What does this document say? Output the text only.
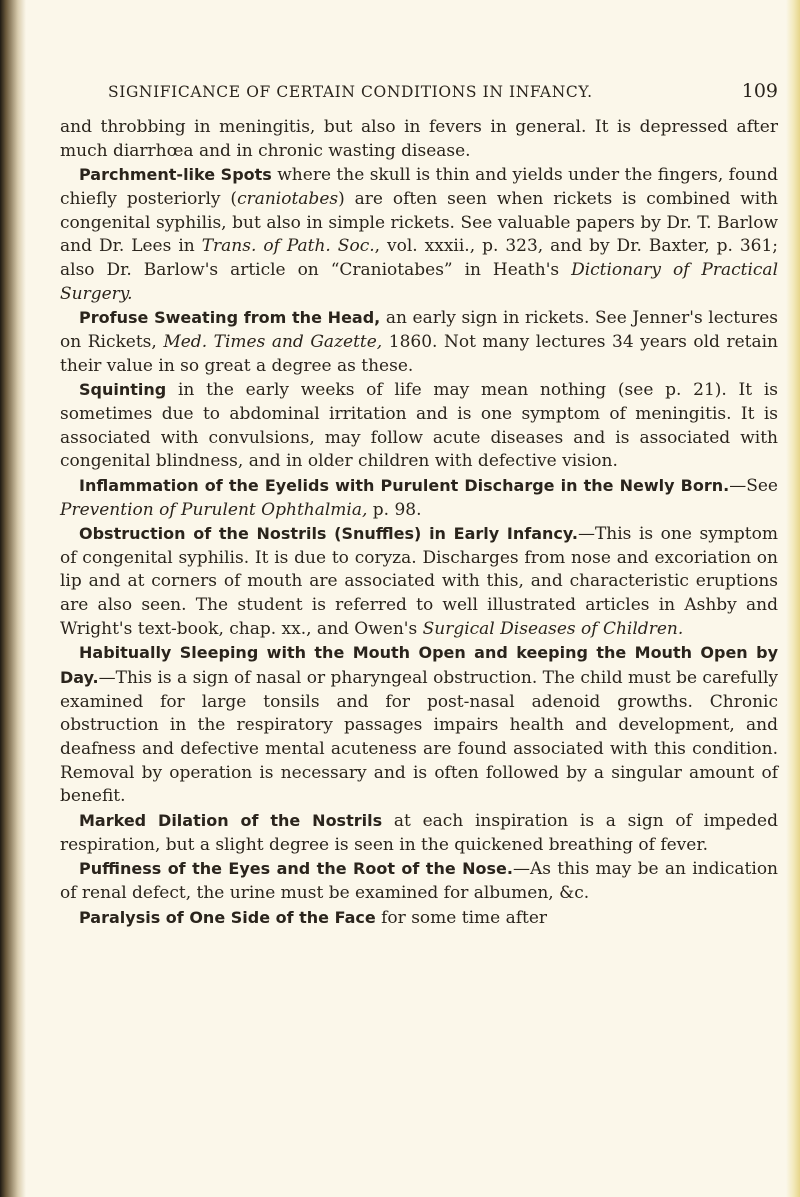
SIGNIFICANCE OF CERTAIN CONDITIONS IN INFANCY.	109

and throbbing in meningitis, but also in fevers in general. It is depressed after much diarrhœa and in chronic wasting disease.

Parchment-like Spots where the skull is thin and yields under the fingers, found chiefly posteriorly (craniotabes) are often seen when rickets is combined with congenital syphilis, but also in simple rickets. See valuable papers by Dr. T. Barlow and Dr. Lees in Trans. of Path. Soc., vol. xxxii., p. 323, and by Dr. Baxter, p. 361; also Dr. Barlow's article on “Craniotabes” in Heath's Dictionary of Practical Surgery.

Profuse Sweating from the Head, an early sign in rickets. See Jenner's lectures on Rickets, Med. Times and Gazette, 1860. Not many lectures 34 years old retain their value in so great a degree as these.

Squinting in the early weeks of life may mean nothing (see p. 21). It is sometimes due to abdominal irritation and is one symptom of meningitis. It is associated with convulsions, may follow acute diseases and is associated with congenital blindness, and in older children with defective vision.

Inflammation of the Eyelids with Purulent Discharge in the Newly Born.—See Prevention of Purulent Ophthalmia, p. 98.

Obstruction of the Nostrils (Snuffles) in Early Infancy.—This is one symptom of congenital syphilis. It is due to coryza. Discharges from nose and excoriation on lip and at corners of mouth are associated with this, and characteristic eruptions are also seen. The student is referred to well illustrated articles in Ashby and Wright's text-book, chap. xx., and Owen's Surgical Diseases of Children.

Habitually Sleeping with the Mouth Open and keeping the Mouth Open by Day.—This is a sign of nasal or pharyngeal obstruction. The child must be carefully examined for large tonsils and for post-nasal adenoid growths. Chronic obstruction in the respiratory passages impairs health and development, and deafness and defective mental acuteness are found associated with this condition. Removal by operation is necessary and is often followed by a singular amount of benefit.

Marked Dilation of the Nostrils at each inspiration is a sign of impeded respiration, but a slight degree is seen in the quickened breathing of fever.

Puffiness of the Eyes and the Root of the Nose.—As this may be an indication of renal defect, the urine must be examined for albumen, &c.

Paralysis of One Side of the Face for some time after
